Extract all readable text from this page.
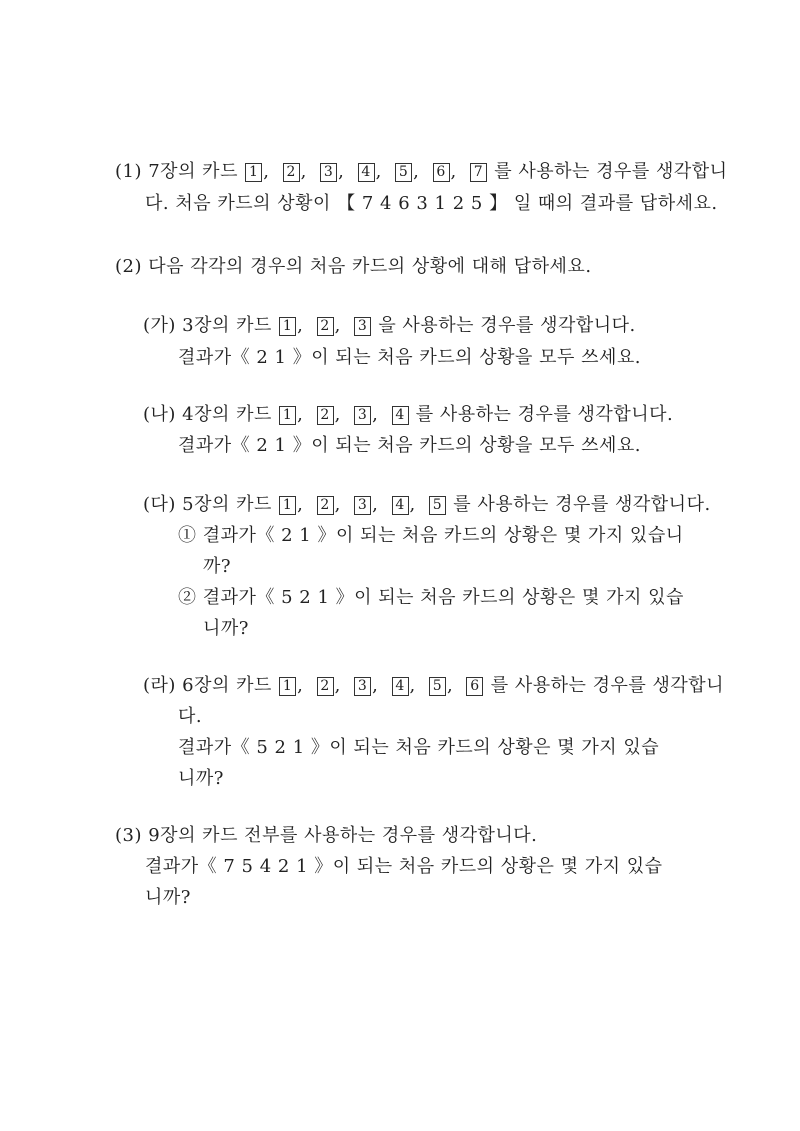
(1) 7장의 카드 1 , 2 , 3 , 4 , 5 , 6 , 7 를 사용하는 경우를 생각합니
다. 처음 카드의 상황이 【 7 4 6 3 1 2 5 】 일 때의 결과를 답하세요.
(2) 다음 각각의 경우의 처음 카드의 상황에 대해 답하세요.
(가) 3장의 카드 1 , 2 , 3 을 사용하는 경우를 생각합니다.
결과가《 2 1 》이 되는 처음 카드의 상황을 모두 쓰세요.
(나) 4장의 카드 1 , 2 , 3 , 4 를 사용하는 경우를 생각합니다.
결과가《 2 1 》이 되는 처음 카드의 상황을 모두 쓰세요.
(다) 5장의 카드 1 , 2 , 3 , 4 , 5 를 사용하는 경우를 생각합니다.
① 결과가《 2 1 》이 되는 처음 카드의 상황은 몇 가지 있습니
까?
② 결과가《 5 2 1 》이 되는 처음 카드의 상황은 몇 가지 있습
니까?
(라) 6장의 카드 1 , 2 , 3 , 4 , 5 , 6 를 사용하는 경우를 생각합니
다.
결과가《 5 2 1 》이 되는 처음 카드의 상황은 몇 가지 있습
니까?
(3) 9장의 카드 전부를 사용하는 경우를 생각합니다.
결과가《 7 5 4 2 1 》이 되는 처음 카드의 상황은 몇 가지 있습
니까?
